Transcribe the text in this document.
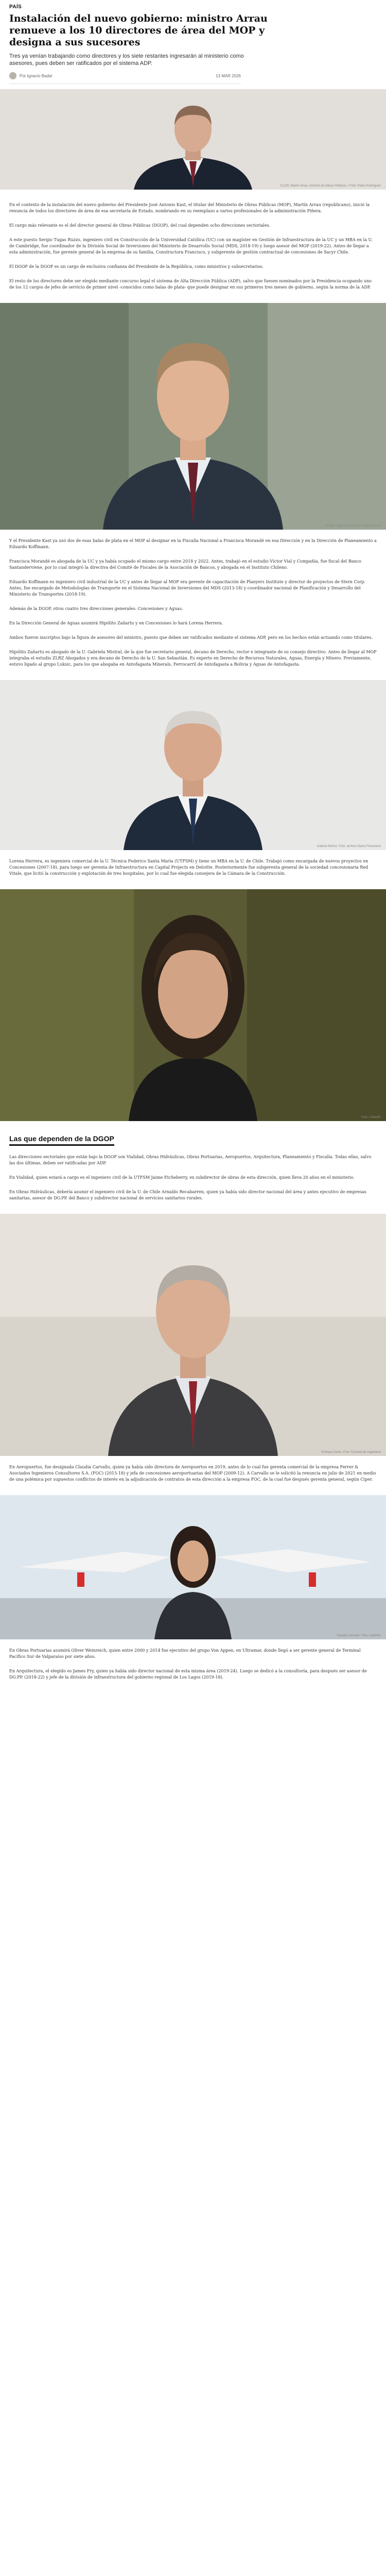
PAÍS
Instalación del nuevo gobierno: ministro Arrau remueve a los 10 directores de área del MOP y designa a sus sucesores

Tres ya venían trabajando como directores y los siete restantes ingresarán al ministerio como asesores, pues deben ser ratificados por el sistema ADP.

Por Ignacio Badal	13 MAR 2026
CLOS: Martín Arrau, ministro de Obras Públicas. / Foto: Pedro Rodríguez

En el contexto de la instalación del nuevo gobierno del Presidente José Antonio Kast, el titular del Ministerio de Obras Públicas (MOP), Martín Arrau (republicano), inició la renuncia de todos los directores de área de esa secretaría de Estado, nombrando en su reemplazo a varios profesionales de la administración Piñera.

El cargo más relevante es el del director general de Obras Públicas (DGOP), del cual dependen ocho direcciones sectoriales.

A este puesto Sergio Tugas Ruzzo, ingeniero civil en Construcción de la Universidad Católica (UC) con un magíster en Gestión de Infraestructura de la UC y un MBA en la U. de Cambridge, fue coordinador de la División Social de Inversiones del Ministerio de Desarrollo Social (MDS, 2018-19) y luego asesor del MOP (2019-22). Antes de llegar a esta administración, fue gerente general de la empresa de su familia, Constructora Francisco, y subgerente de gestión contractual de concesiones de Sacyr Chile.

El DGOP de la DGOP es un cargo de exclusiva confianza del Presidente de la República, como ministros y subsecretarios.

El resto de los directores debe ser elegido mediante concurso legal el sistema de Alta Dirección Pública (ADP), salvo que fuesen nominados por la Presidencia ocupando uno de los 12 cargos de jefes de servicio de primer nivel -conocidos como balas de plata- que puede designar en sus primeros tres meses de gobierno, según la norma de la ADP.

Sergio Tugas Ruzzo. Foto: Agencia Uno

Y el Presidente Kast ya usó dos de esas balas de plata en el MOP al designar en la Fiscalía Nacional a Francisca Morandé en esa Dirección y en la Dirección de Planeamiento a Eduardo Koffmann.

Francisca Morandé es abogada de la UC y ya había ocupado el mismo cargo entre 2018 y 2022. Antes, trabajó en el estudio Víctor Vial y Compañía, fue fiscal del Banco Santanderviene, por lo cual integró la directiva del Comité de Fiscales de la Asociación de Bancos, y abogada en el Instituto Chileno.

Eduardo Koffmann es ingeniero civil industrial de la UC y antes de llegar al MOP era gerente de capacitación de Planyers Institute y director de proyectos de Stern Corp. Antes, fue encargado de Metodologías de Transporte en el Sistema Nacional de Inversiones del MDS (2013-18) y coordinador nacional de Planificación y Desarrollo del Ministerio de Transportes (2018-19).

Además de la DGOP, otros cuatro tres direcciones generales: Concesiones y Aguas.

En la Dirección General de Aguas asumirá Hipólito Zañartu y en Concesiones lo hará Lorena Herrera.

Ambos fueron inscriptos bajo la figura de asesores del ministro, puesto que deben ser ratificados mediante el sistema ADP, pero en los hechos están actuando como titulares.

Hipólito Zañartu es abogado de la U. Gabriela Mistral, de la que fue secretario general, decano de Derecho, rector e integrante de su consejo directivo. Antes de llegar al MOP integraba el estudio ZLRZ Abogados y era decano de Derecho de la U. San Sebastián. Es experto en Derecho de Recursos Naturales, Aguas, Energía y Minero. Previamente, estuvo ligado al grupo Luksic, para los que abogaba en Antofagasta Minerals, Ferrocarril de Antofagasta a Bolivia y Aguas de Antofagasta.

Gabriel Muñoz. Foto: archivo Diario Financiero

Lorena Herrera, es ingeniera comercial de la U. Técnica Federico Santa María (UTFSM) y tiene un MBA en la U. de Chile. Trabajó como encargada de nuevos proyectos en Concesiones (2007-18), para luego ser gerenta de Infraestructura en Capital Projects en Deloitte. Posteriormente fue subgerenta general de la sociedad concesionaria Red Vitale, que licitó la construcción y explotación de tres hospitales, por lo cual fue elegida consejera de la Cámara de la Construcción.

Foto: LinkedIn
Las que dependen de la DGOP

Las direcciones sectoriales que están bajo la DGOP son Vialidad, Obras Hidráulicas, Obras Portuarias, Aeropuertos, Arquitectura, Planeamiento y Fiscalía. Todas ellas, salvo las dos últimas, deben ser ratificadas por ADP.

En Vialidad, quien estará a cargo es el ingeniero civil de la UTFSM Jaime Etcheberry, ex subdirector de obras de esta dirección, quien lleva 20 años en el ministerio.

En Obras Hidráulicas, debería asumir el ingeniero civil de la U. de Chile Arnaldo Recabarren, quien ya había sido director nacional del área y antes ejecutivo de empresas sanitarias, asesor de DG.PP. del Banco y subdirector nacional de servicios sanitarios rurales.

Enrique Caroe. Foto: Escuela de Ingeniería

En Aeropuertos, fue designada Claudia Carvallo, quien ya había sido directora de Aeropuertos en 2019, antes de lo cual fue gerenta comercial de la empresa Ferrer & Asociados Ingenieros Consultores S.A. (FOC) (2015-18) y jefa de concesiones aeroportuarias del MOP (2009-12). A Carvallo se le solicitó la renuncia en julio de 2021 en medio de una polémica por supuestos conflictos de interés en la adjudicación de contratos de esta dirección a la empresa FOC, de la cual fue después gerenta general, según Ciper.

Claudia Carvallo. Foto: LinkedIn

En Obras Portuarias asumirá Oliver Weinreich, quien entre 2000 y 2014 fue ejecutivo del grupo Von Appen, en Ultramar, donde llegó a ser gerente general de Terminal Pacífico Sur de Valparaíso por siete años.

En Arquitectura, el elegido es James Fry, quien ya había sido director nacional de esta misma área (2019-24). Luego se dedicó a la consultoría, para después ser asesor de DG.PP. (2018-22) y jefe de la división de infraestructura del gobierno regional de Los Lagos (2019-18).
